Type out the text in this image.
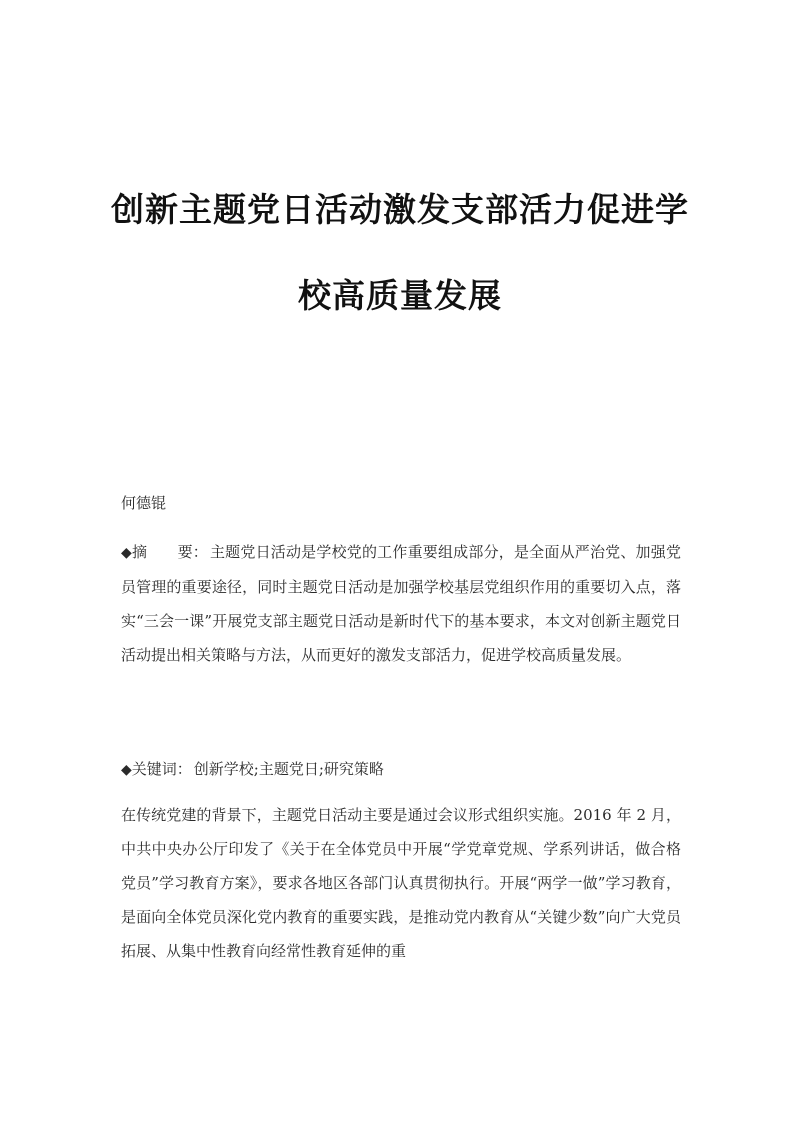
创新主题党日活动激发支部活力促进学
校高质量发展
何德锟
◆摘　　要： 主题党日活动是学校党的工作重要组成部分，是全面从严治党、加强党员管理的重要途径，同时主题党日活动是加强学校基层党组织作用的重要切入点，落实“三会一课”开展党支部主题党日活动是新时代下的基本要求，本文对创新主题党日活动提出相关策略与方法，从而更好的激发支部活力，促进学校高质量发展。
◆关键词： 创新学校;主题党日;研究策略
在传统党建的背景下，主题党日活动主要是通过会议形式组织实施。2016 年 2 月，中共中央办公厅印发了《关于在全体党员中开展“学党章党规、学系列讲话，做合格党员”学习教育方案》，要求各地区各部门认真贯彻执行。开展“两学一做”学习教育，是面向全体党员深化党内教育的重要实践，是推动党内教育从“关键少数”向广大党员拓展、从集中性教育向经常性教育延伸的重
